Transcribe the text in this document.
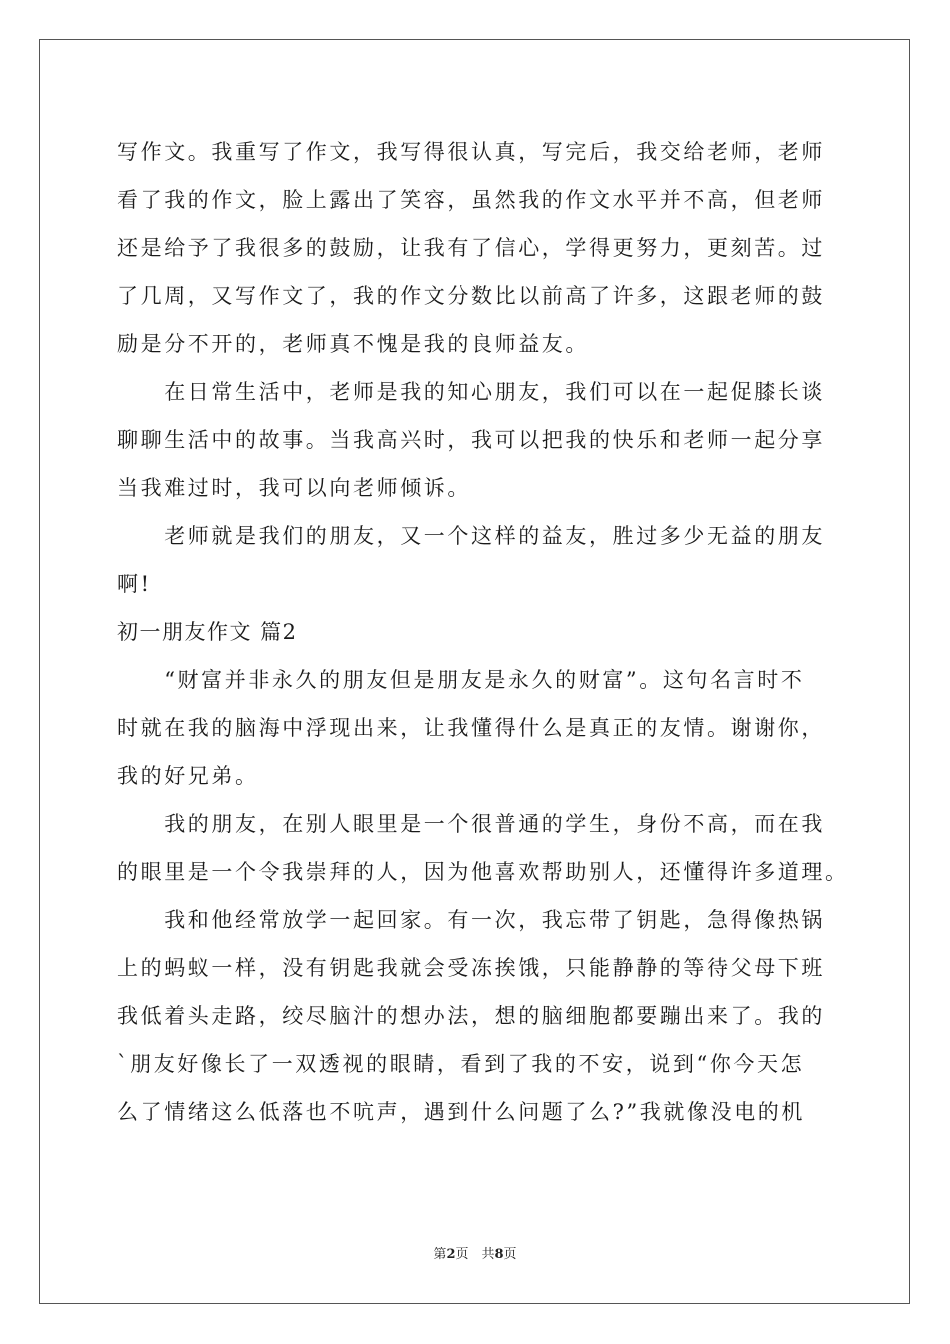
写作文。我重写了作文，我写得很认真，写完后，我交给老师，老师
看了我的作文，脸上露出了笑容，虽然我的作文水平并不高，但老师
还是给予了我很多的鼓励，让我有了信心，学得更努力，更刻苦。过
了几周，又写作文了，我的作文分数比以前高了许多，这跟老师的鼓
励是分不开的，老师真不愧是我的良师益友。
　　在日常生活中，老师是我的知心朋友，我们可以在一起促膝长谈
聊聊生活中的故事。当我高兴时，我可以把我的快乐和老师一起分享
当我难过时，我可以向老师倾诉。
　　老师就是我们的朋友，又一个这样的益友，胜过多少无益的朋友
啊!
初一朋友作文 篇2
　　“财富并非永久的朋友但是朋友是永久的财富”。这句名言时不
时就在我的脑海中浮现出来，让我懂得什么是真正的友情。谢谢你，
我的好兄弟。
　　我的朋友，在别人眼里是一个很普通的学生，身份不高，而在我
的眼里是一个令我崇拜的人，因为他喜欢帮助别人，还懂得许多道理。
　　我和他经常放学一起回家。有一次，我忘带了钥匙，急得像热锅
上的蚂蚁一样，没有钥匙我就会受冻挨饿，只能静静的等待父母下班
我低着头走路，绞尽脑汁的想办法，想的脑细胞都要蹦出来了。我的
`朋友好像长了一双透视的眼睛，看到了我的不安，说到“你今天怎
么了情绪这么低落也不吭声，遇到什么问题了么?”我就像没电的机
第2页　共8页
